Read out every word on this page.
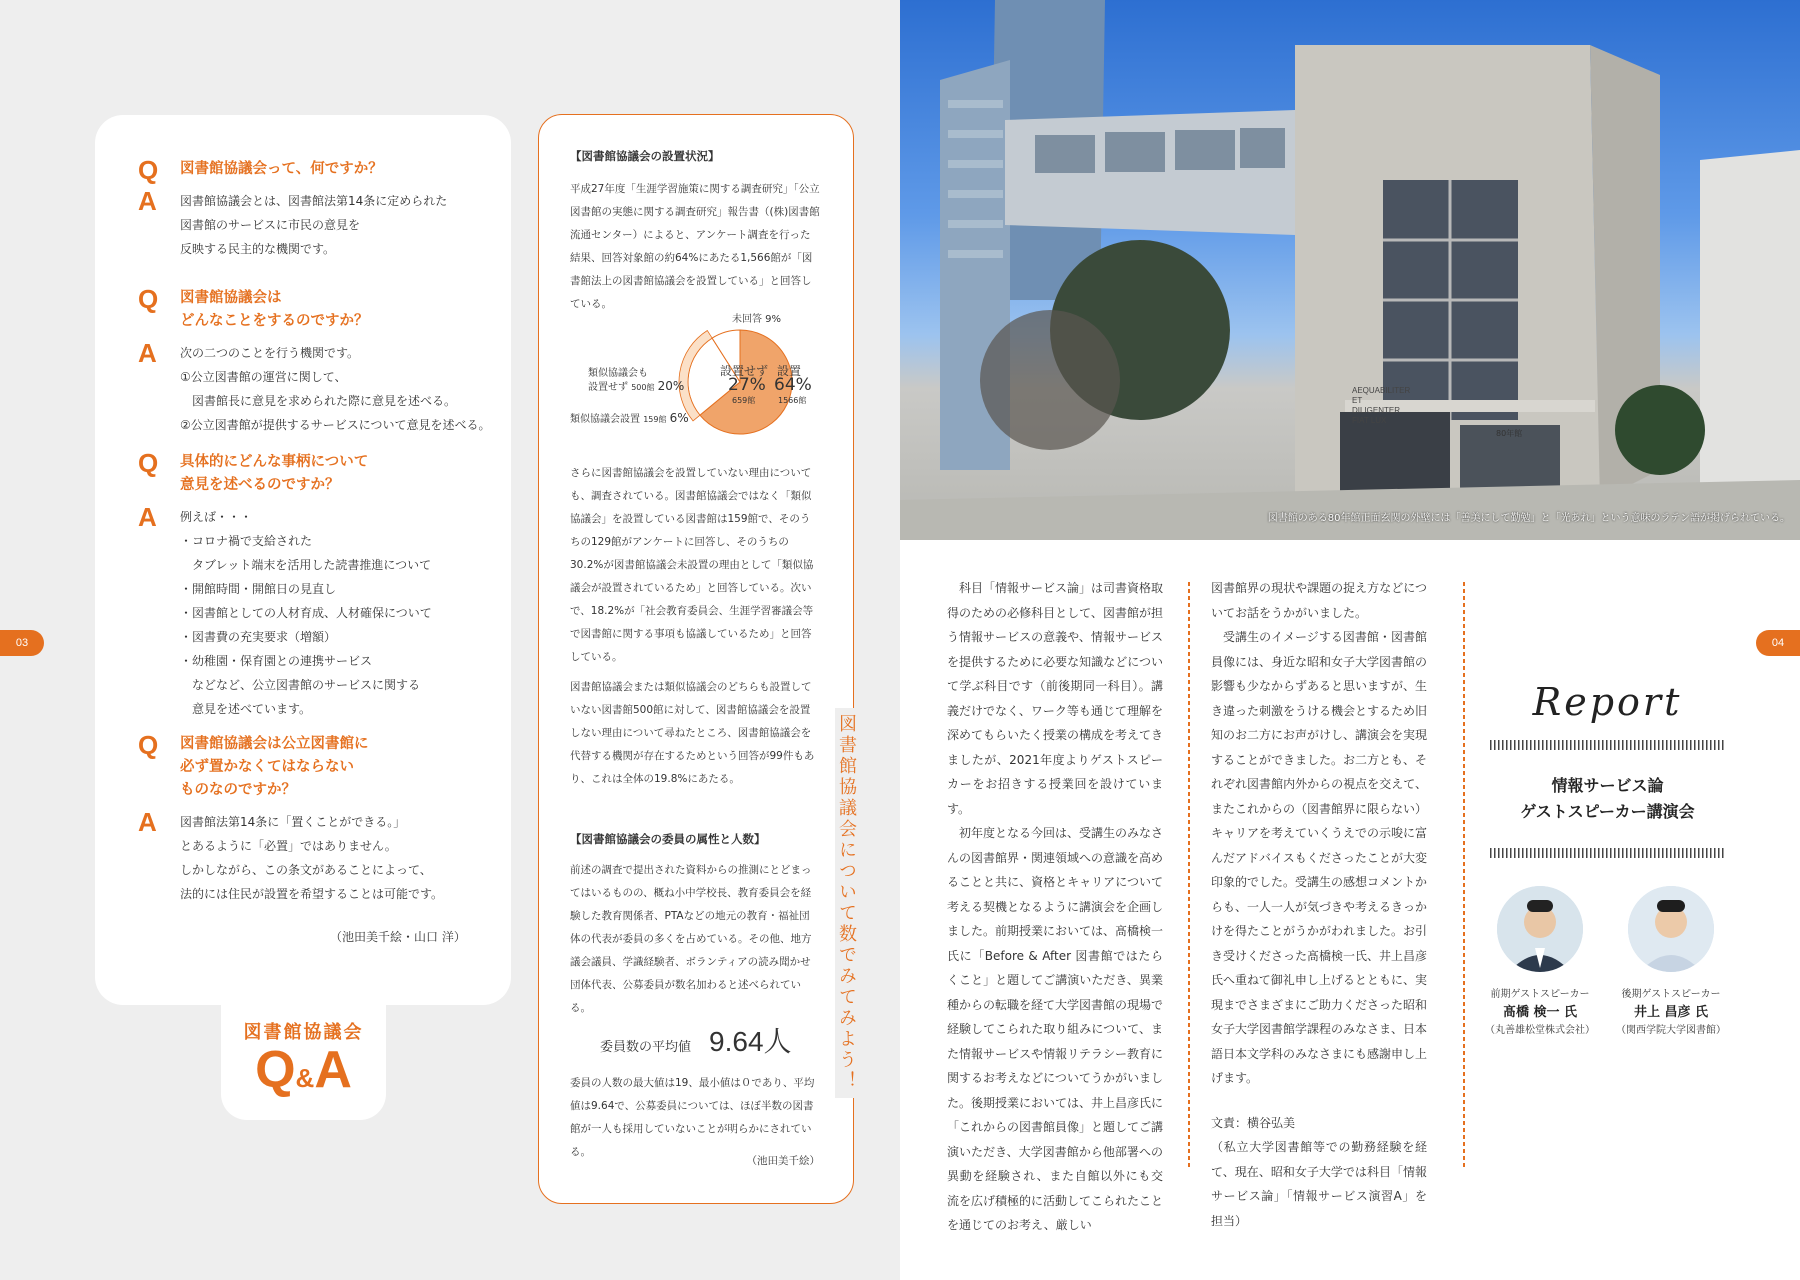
03
図書館協議会
Q&A
Q 図書館協議会って、何ですか？
A 図書館協議会とは、図書館法第14条に定められた
図書館のサービスに市民の意見を
反映する民主的な機関です。
Q 図書館協議会は
どんなことをするのですか？
A 次の二つのことを行う機関です。
①公立図書館の運営に関して、
　図書館長に意見を求められた際に意見を述べる。
②公立図書館が提供するサービスについて意見を述べる。
Q 具体的にどんな事柄について
意見を述べるのですか？
A 例えば・・・
・コロナ禍で支給された
　タブレット端末を活用した読書推進について
・開館時間・開館日の見直し
・図書館としての人材育成、人材確保について
・図書費の充実要求（増額）
・幼稚園・保育園との連携サービス
　などなど、公立図書館のサービスに関する
　意見を述べています。
Q 図書館協議会は公立図書館に
必ず置かなくてはならない
ものなのですか？
A 図書館法第14条に「置くことができる。」
とあるように「必置」ではありません。
しかしながら、この条文があることによって、
法的には住民が設置を希望することは可能です。
（池田美千絵・山口 洋）
【図書館協議会の設置状況】
平成27年度「生涯学習施策に関する調査研究」「公立図書館の実態に関する調査研究」報告書（(株)図書館流通センター）によると、アンケート調査を行った結果、回答対象館の約64%にあたる1,566館が「図書館法上の図書館協議会を設置している」と回答している。
未回答 9%
類似協議会も
設置せず 500館 20%
類似協議会設置 159館 6%
設置せず
27%
659館
設置
64%
1566館
さらに図書館協議会を設置していない理由についても、調査されている。図書館協議会ではなく「類似協議会」を設置している図書館は159館で、そのうちの129館がアンケートに回答し、そのうちの30.2%が図書館協議会未設置の理由として「類似協議会が設置されているため」と回答している。次いで、18.2%が「社会教育委員会、生涯学習審議会等で図書館に関する事項も協議しているため」と回答している。
図書館協議会または類似協議会のどちらも設置していない図書館500館に対して、図書館協議会を設置しない理由について尋ねたところ、図書館協議会を代替する機関が存在するためという回答が99件もあり、これは全体の19.8%にあたる。
【図書館協議会の委員の属性と人数】
前述の調査で提出された資料からの推測にとどまってはいるものの、概ね小中学校長、教育委員会を経験した教育関係者、PTAなどの地元の教育・福祉団体の代表が委員の多くを占めている。その他、地方議会議員、学識経験者、ボランティアの読み聞かせ団体代表、公募委員が数名加わると述べられている。
委員数の平均値 9.64人
委員の人数の最大値は19、最小値は０であり、平均値は9.64で、公募委員については、ほぼ半数の図書館が一人も採用していないことが明らかにされている。
（池田美千絵）
図書館協議会について数でみてみよう！
AEQUABILITER
ET
DILIGENTER
FIAT LUX
80年館
図書館のある80年館正面玄関の外壁には「善美にして勤勉」と「光あれ」という意味のラテン語が掲げられている。
04

科目「情報サービス論」は司書資格取得のための必修科目として、図書館が担う情報サービスの意義や、情報サービスを提供するために必要な知識などについて学ぶ科目です（前後期同一科目）。講義だけでなく、ワーク等も通じて理解を深めてもらいたく授業の構成を考えてきましたが、2021年度よりゲストスピーカーをお招きする授業回を設けています。

初年度となる今回は、受講生のみなさんの図書館界・関連領域への意識を高めることと共に、資格とキャリアについて考える契機となるように講演会を企画しました。前期授業においては、髙橋検一氏に「Before & After 図書館ではたらくこと」と題してご講演いただき、異業種からの転職を経て大学図書館の現場で経験してこられた取り組みについて、また情報サービスや情報リテラシー教育に関するお考えなどについてうかがいました。後期授業においては、井上昌彦氏に「これからの図書館員像」と題してご講演いただき、大学図書館から他部署への異動を経験され、また自館以外にも交流を広げ積極的に活動してこられたことを通じてのお考え、厳しい

図書館界の現状や課題の捉え方などについてお話をうかがいました。

受講生のイメージする図書館・図書館員像には、身近な昭和女子大学図書館の影響も少なからずあると思いますが、生き違った刺激をうける機会とするため旧知のお二方にお声がけし、講演会を実現することができました。お二方とも、それぞれ図書館内外からの視点を交えて、またこれからの（図書館界に限らない）キャリアを考えていくうえでの示唆に富んだアドバイスもくださったことが大変印象的でした。受講生の感想コメントからも、一人一人が気づきや考えるきっかけを得たことがうかがわれました。お引き受けくださった髙橋検一氏、井上昌彦氏へ重ねて御礼申し上げるとともに、実現までさまざまにご助力くださった昭和女子大学図書館学課程のみなさま、日本語日本文学科のみなさまにも感謝申し上げます。

文責：横谷弘美
（私立大学図書館等での勤務経験を経て、現在、昭和女子大学では科目「情報サービス論」「情報サービス演習A」を担当）
Report
情報サービス論
ゲストスピーカー講演会
前期ゲストスピーカー
髙橋 検一 氏
（丸善雄松堂株式会社）
後期ゲストスピーカー
井上 昌彦 氏
（関西学院大学図書館）
